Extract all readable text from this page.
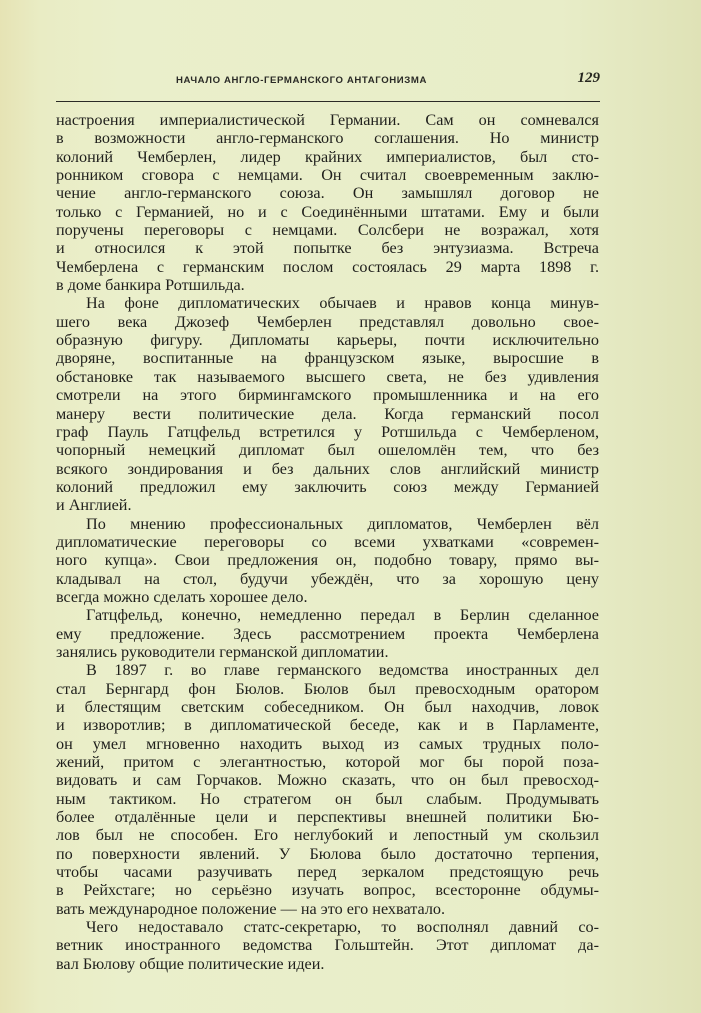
НАЧАЛО АНГЛО-ГЕРМАНСКОГО АНТАГОНИЗМА	129
настроения империалистической Германии. Сам он сомневался
в возможности англо-германского соглашения. Но министр
колоний Чемберлен, лидер крайних империалистов, был сто-
ронником сговора с немцами. Он считал своевременным заклю-
чение англо-германского союза. Он замышлял договор не
только с Германией, но и с Соединёнными штатами. Ему и были
поручены переговоры с немцами. Солсбери не возражал, хотя
и относился к этой попытке без энтузиазма. Встреча
Чемберлена с германским послом состоялась 29 марта 1898 г.
в доме банкира Ротшильда.
На фоне дипломатических обычаев и нравов конца минув-
шего века Джозеф Чемберлен представлял довольно свое-
образную фигуру. Дипломаты карьеры, почти исключительно
дворяне, воспитанные на французском языке, выросшие в
обстановке так называемого высшего света, не без удивления
смотрели на этого бирмингамского промышленника и на его
манеру вести политические дела. Когда германский посол
граф Пауль Гатцфельд встретился у Ротшильда с Чемберленом,
чопорный немецкий дипломат был ошеломлён тем, что без
всякого зондирования и без дальних слов английский министр
колоний предложил ему заключить союз между Германией
и Англией.
По мнению профессиональных дипломатов, Чемберлен вёл
дипломатические переговоры со всеми ухватками «современ-
ного купца». Свои предложения он, подобно товару, прямо вы-
кладывал на стол, будучи убеждён, что за хорошую цену
всегда можно сделать хорошее дело.
Гатцфельд, конечно, немедленно передал в Берлин сделанное
ему предложение. Здесь рассмотрением проекта Чемберлена
занялись руководители германской дипломатии.
В 1897 г. во главе германского ведомства иностранных дел
стал Бернгард фон Бюлов. Бюлов был превосходным оратором
и блестящим светским собеседником. Он был находчив, ловок
и изворотлив; в дипломатической беседе, как и в Парламенте,
он умел мгновенно находить выход из самых трудных поло-
жений, притом с элегантностью, которой мог бы порой поза-
видовать и сам Горчаков. Можно сказать, что он был превосход-
ным тактиком. Но стратегом он был слабым. Продумывать
более отдалённые цели и перспективы внешней политики Бю-
лов был не способен. Его неглубокий и лепостный ум скользил
по поверхности явлений. У Бюлова было достаточно терпения,
чтобы часами разучивать перед зеркалом предстоящую речь
в Рейхстаге; но серьёзно изучать вопрос, всесторонне обдумы-
вать международное положение — на это его нехватало.
Чего недоставало статс-секретарю, то восполнял давний со-
ветник иностранного ведомства Гольштейн. Этот дипломат да-
вал Бюлову общие политические идеи.
